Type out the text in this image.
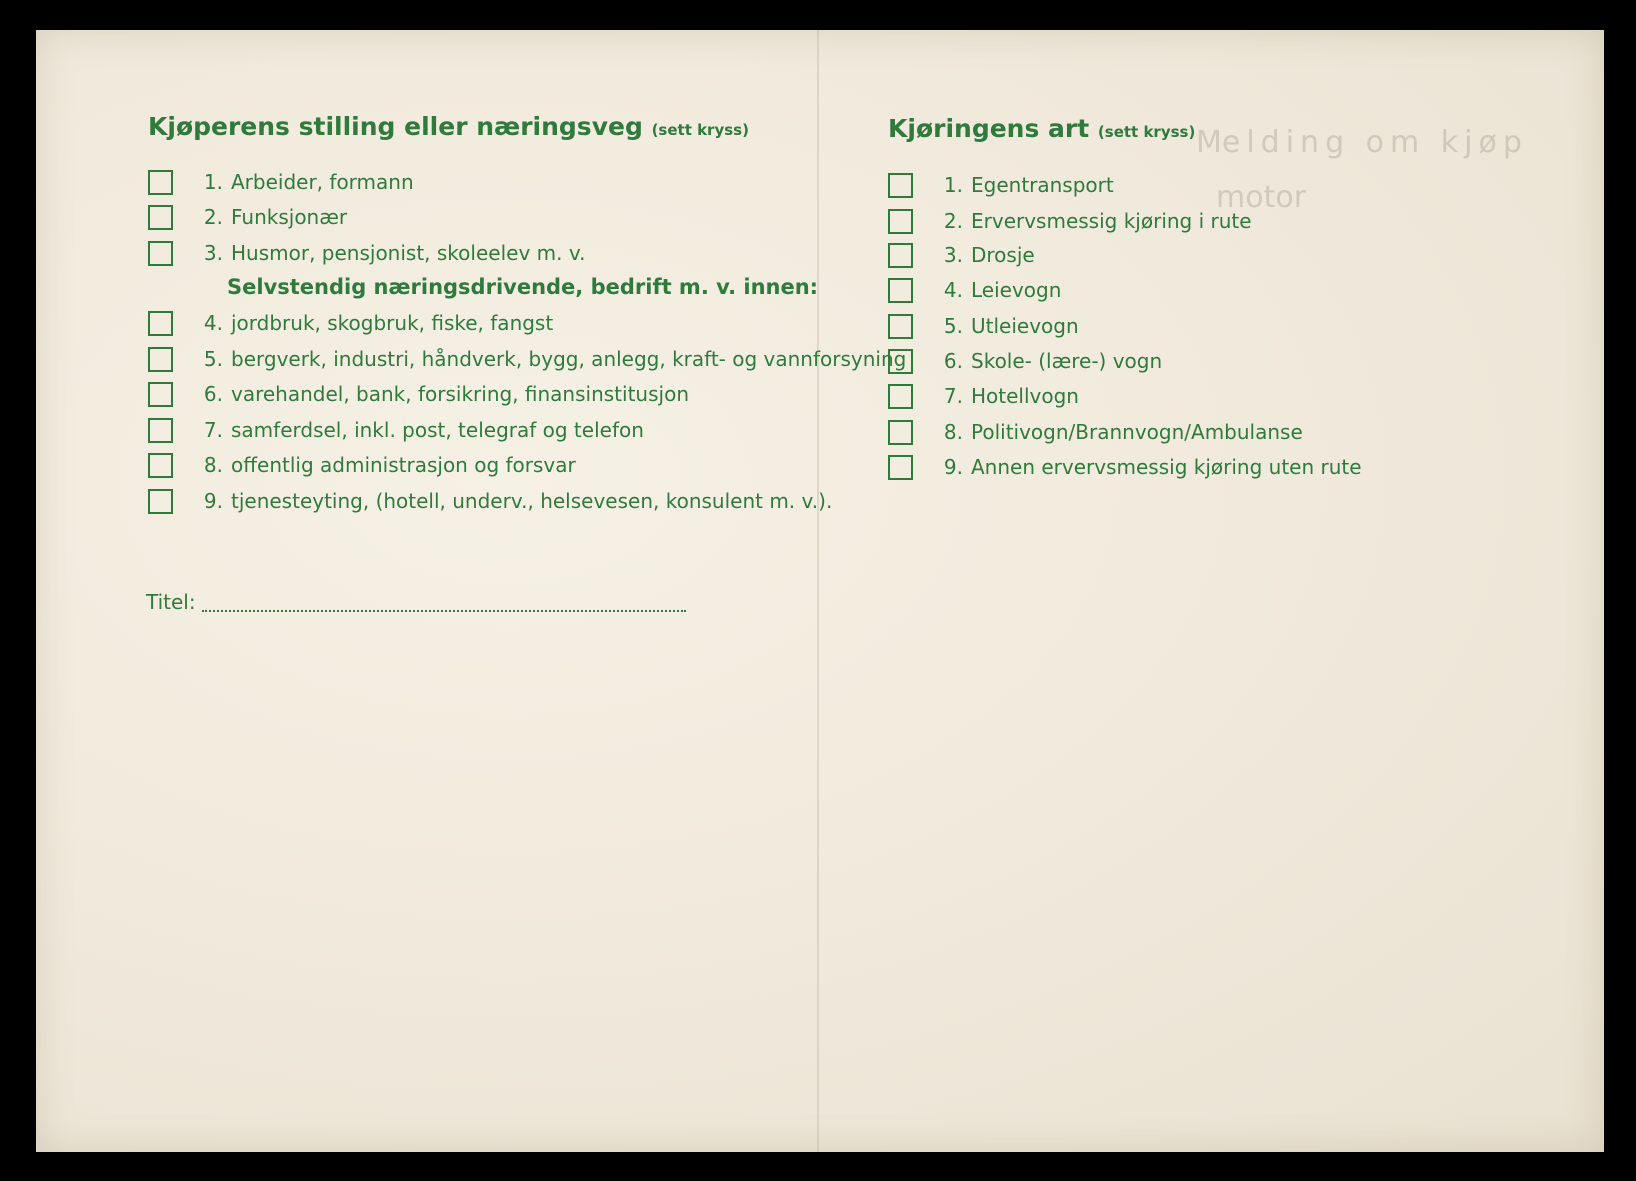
Melding om kjøp
motor
Kjøperens stilling eller næringsveg (sett kryss)
1. Arbeider, formann
2. Funksjonær
3. Husmor, pensjonist, skoleelev m. v.
Selvstendig næringsdrivende, bedrift m. v. innen:
4. jordbruk, skogbruk, fiske, fangst
5. bergverk, industri, håndverk, bygg, anlegg, kraft- og vannforsyning
6. varehandel, bank, forsikring, finansinstitusjon
7. samferdsel, inkl. post, telegraf og telefon
8. offentlig administrasjon og forsvar
9. tjenesteyting, (hotell, underv., helsevesen, konsulent m. v.).
Titel:
Kjøringens art (sett kryss)
1. Egentransport
2. Ervervsmessig kjøring i rute
3. Drosje
4. Leievogn
5. Utleievogn
6. Skole- (lære-) vogn
7. Hotellvogn
8. Politivogn/Brannvogn/Ambulanse
9. Annen ervervsmessig kjøring uten rute
